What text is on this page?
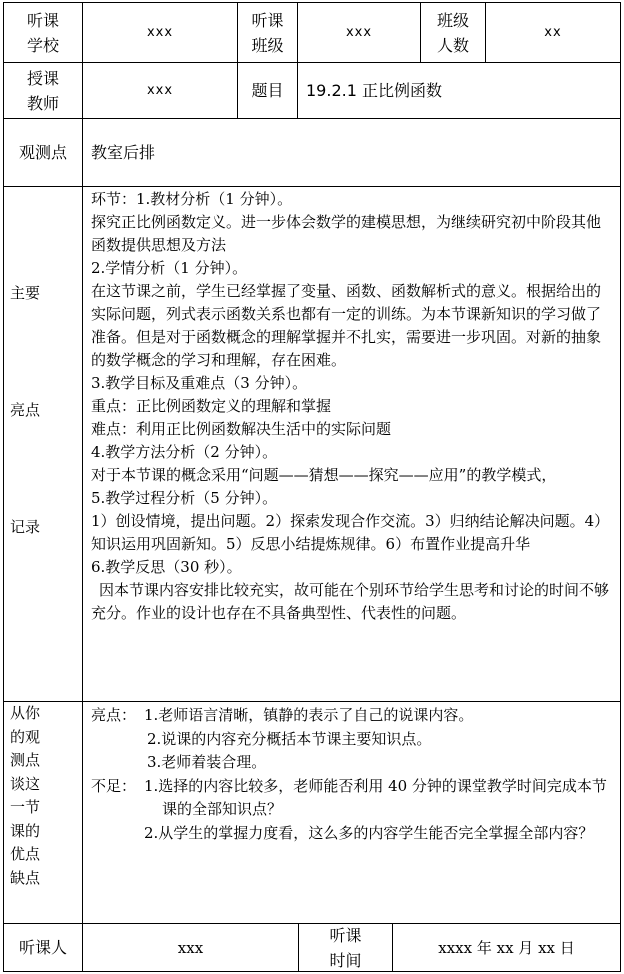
听课学校
xxx
听课班级
xxx
班级人数
xx
授课教师
xxx	题目 19.2.1 正比例函数
观测点 教室后排
主要
亮点
记录

环节：1.教材分析（1 分钟）。

探究正比例函数定义。进一步体会数学的建模思想，为继续研究初中阶段其他函数提供思想及方法

2.学情分析（1 分钟）。

在这节课之前，学生已经掌握了变量、函数、函数解析式的意义。根据给出的实际问题，列式表示函数关系也都有一定的训练。为本节课新知识的学习做了准备。但是对于函数概念的理解掌握并不扎实，需要进一步巩固。对新的抽象的数学概念的学习和理解，存在困难。

3.教学目标及重难点（3 分钟）。

重点：正比例函数定义的理解和掌握

难点：利用正比例函数解决生活中的实际问题

4.教学方法分析（2 分钟）。

对于本节课的概念采用“问题——猜想——探究——应用”的教学模式，

5.教学过程分析（5 分钟）。

1）创设情境，提出问题。2）探索发现合作交流。3）归纳结论解决问题。4）知识运用巩固新知。5）反思小结提炼规律。6）布置作业提高升华

6.教学反思（30 秒）。

因本节课内容安排比较充实，故可能在个别环节给学生思考和讨论的时间不够充分。作业的设计也存在不具备典型性、代表性的问题。

从你
的观
测点
谈这
一节
课的
优点
缺点

亮点： 1.老师语言清晰，镇静的表示了自己的说课内容。

2.说课的内容充分概括本节课主要知识点。

3.老师着装合理。

不足： 1.选择的内容比较多，老师能否利用 40 分钟的课堂教学时间完成本节课的全部知识点？

2.从学生的掌握力度看，这么多的内容学生能否完全掌握全部内容？

听课人	xxx
听课时间
xxxx 年 xx 月 xx 日
